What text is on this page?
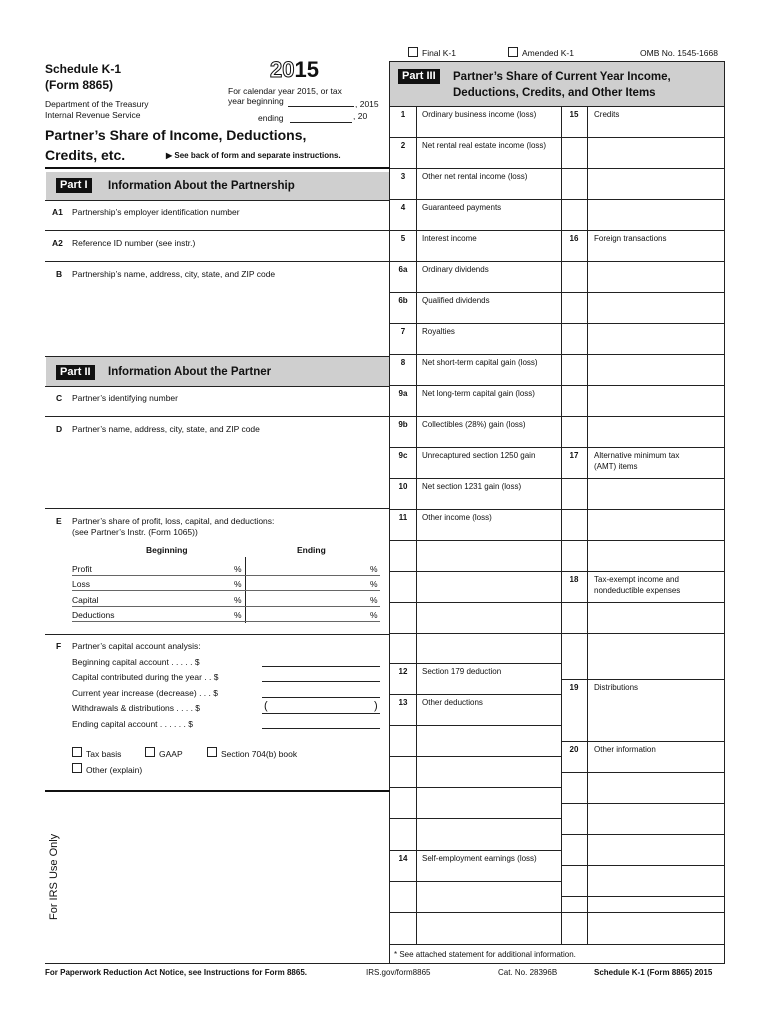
Final K-1	Amended K-1	OMB No. 1545-1668
Schedule K-1
(Form 8865)
2015
For calendar year 2015, or tax
year beginning	, 2015
ending	, 20
Department of the Treasury
Internal Revenue Service
Partner’s Share of Income, Deductions,
Credits, etc.	▶ See back of form and separate instructions.
Part I	Information About the Partnership
A1 Partnership’s employer identification number
A2 Reference ID number (see instr.)
B Partnership’s name, address, city, state, and ZIP code
Part II	Information About the Partner
C Partner’s identifying number
D Partner’s name, address, city, state, and ZIP code
E Partner’s share of profit, loss, capital, and deductions:
(see Partner’s Instr. (Form 1065))
Beginning	Ending
Profit	%	%
Loss	%	%
Capital	%	%
Deductions	%	%
F Partner’s capital account analysis:
Beginning capital account . . . . . $
Capital contributed during the year . . $
Current year increase (decrease) . . . $
Withdrawals & distributions . . . . $	(	)
Ending capital account . . . . . . $
Tax basis	GAAP	Section 704(b) book
Other (explain)
For IRS Use Only
Part III	Partner’s Share of Current Year Income,
Deductions, Credits, and Other Items
1	Ordinary business income (loss)
2	Net rental real estate income (loss)
3	Other net rental income (loss)
4	Guaranteed payments
5	Interest income
6a	Ordinary dividends
6b	Qualified dividends
7	Royalties
8	Net short-term capital gain (loss)
9a	Net long-term capital gain (loss)
9b	Collectibles (28%) gain (loss)
9c	Unrecaptured section 1250 gain
10	Net section 1231 gain (loss)
11	Other income (loss)
12	Section 179 deduction
13	Other deductions
14	Self-employment earnings (loss)
15	Credits
16	Foreign transactions
17	Alternative minimum tax
(AMT) items
18	Tax-exempt income and
nondeductible expenses
19	Distributions
20	Other information
* See attached statement for additional information.
For Paperwork Reduction Act Notice, see Instructions for Form 8865.	IRS.gov/form8865	Cat. No. 28396B	Schedule K-1 (Form 8865) 2015
